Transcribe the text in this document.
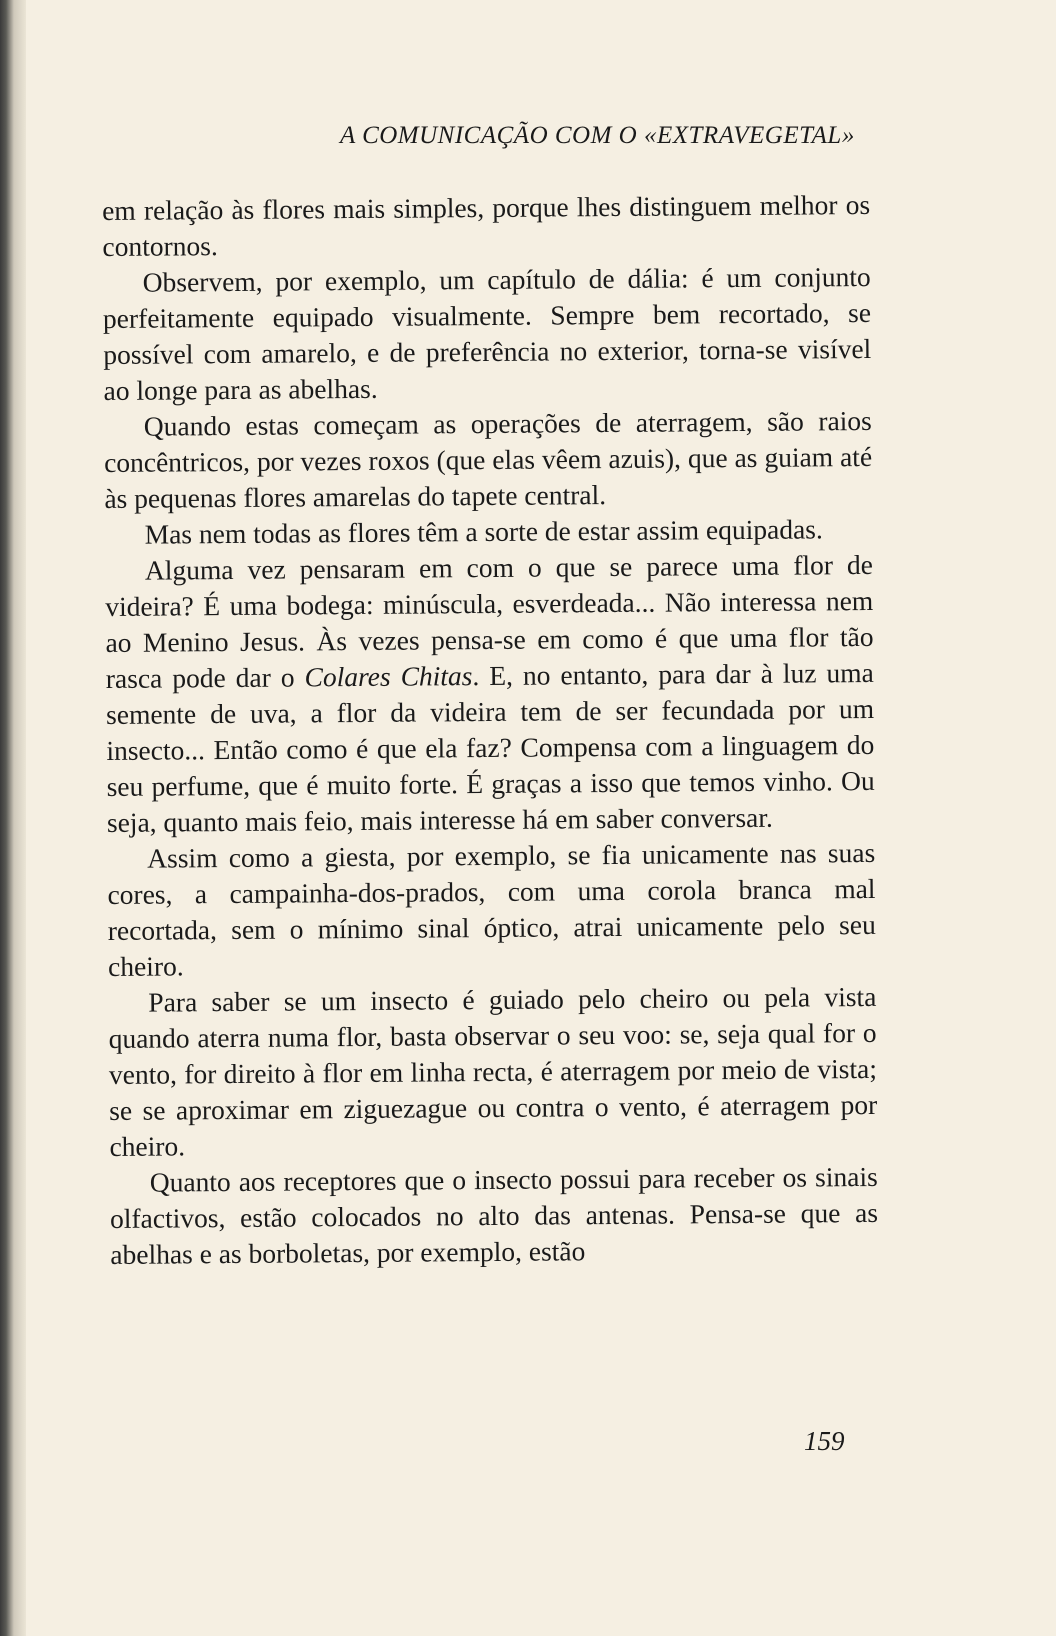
A COMUNICAÇÃO COM O «EXTRAVEGETAL»

em relação às flores mais simples, porque lhes distinguem melhor os contornos.

Observem, por exemplo, um capítulo de dália: é um conjunto perfeitamente equipado visualmente. Sempre bem recortado, se possível com amarelo, e de preferência no exterior, torna-se visível ao longe para as abelhas.

Quando estas começam as operações de aterragem, são raios concêntricos, por vezes roxos (que elas vêem azuis), que as guiam até às pequenas flores amarelas do tapete central.

Mas nem todas as flores têm a sorte de estar assim equipadas.

Alguma vez pensaram em com o que se parece uma flor de videira? É uma bodega: minúscula, esverdeada... Não interessa nem ao Menino Jesus. Às vezes pensa-se em como é que uma flor tão rasca pode dar o Colares Chitas. E, no entanto, para dar à luz uma semente de uva, a flor da videira tem de ser fecundada por um insecto... Então como é que ela faz? Compensa com a linguagem do seu perfume, que é muito forte. É graças a isso que temos vinho. Ou seja, quanto mais feio, mais interesse há em saber conversar.

Assim como a giesta, por exemplo, se fia unicamente nas suas cores, a campainha-dos-prados, com uma corola branca mal recortada, sem o mínimo sinal óptico, atrai unicamente pelo seu cheiro.

Para saber se um insecto é guiado pelo cheiro ou pela vista quando aterra numa flor, basta observar o seu voo: se, seja qual for o vento, for direito à flor em linha recta, é aterragem por meio de vista; se se aproximar em ziguezague ou contra o vento, é aterragem por cheiro.

Quanto aos receptores que o insecto possui para receber os sinais olfactivos, estão colocados no alto das antenas. Pensa-se que as abelhas e as borboletas, por exemplo, estão

159
